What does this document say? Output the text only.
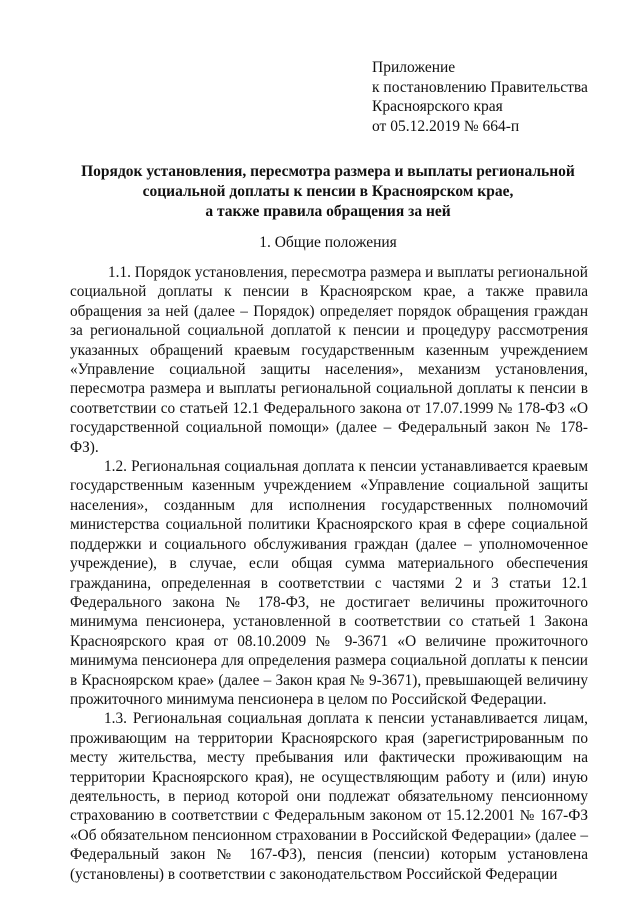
Приложение
к постановлению Правительства
Красноярского края
от 05.12.2019 № 664-п
Порядок установления, пересмотра размера и выплаты региональной
социальной доплаты к пенсии в Красноярском крае,
а также правила обращения за ней
1. Общие положения

1.1. Порядок установления, пересмотра размера и выплаты региональной социальной доплаты к пенсии в Красноярском крае, а также правила обращения за ней (далее – Порядок) определяет порядок обращения граждан за региональной социальной доплатой к пенсии и процедуру рассмотрения указанных обращений краевым государственным казенным учреждением «Управление социальной защиты населения», механизм установления, пересмотра размера и выплаты региональной социальной доплаты к пенсии в соответствии со статьей 12.1 Федерального закона от 17.07.1999 № 178-ФЗ «О государственной социальной помощи» (далее – Федеральный закон № 178-ФЗ).

1.2. Региональная социальная доплата к пенсии устанавливается краевым государственным казенным учреждением «Управление социальной защиты населения», созданным для исполнения государственных полномочий министерства социальной политики Красноярского края в сфере социальной поддержки и социального обслуживания граждан (далее – уполномоченное учреждение), в случае, если общая сумма материального обеспечения гражданина, определенная в соответствии с частями 2 и 3 статьи 12.1 Федерального закона № 178-ФЗ, не достигает величины прожиточного минимума пенсионера, установленной в соответствии со статьей 1 Закона Красноярского края от 08.10.2009 № 9-3671 «О величине прожиточного минимума пенсионера для определения размера социальной доплаты к пенсии в Красноярском крае» (далее – Закон края № 9-3671), превышающей величину прожиточного минимума пенсионера в целом по Российской Федерации.

1.3. Региональная социальная доплата к пенсии устанавливается лицам, проживающим на территории Красноярского края (зарегистрированным по месту жительства, месту пребывания или фактически проживающим на территории Красноярского края), не осуществляющим работу и (или) иную деятельность, в период которой они подлежат обязательному пенсионному страхованию в соответствии с Федеральным законом от 15.12.2001 № 167-ФЗ «Об обязательном пенсионном страховании в Российской Федерации» (далее – Федеральный закон № 167-ФЗ), пенсия (пенсии) которым установлена (установлены) в соответствии с законодательством Российской Федерации
